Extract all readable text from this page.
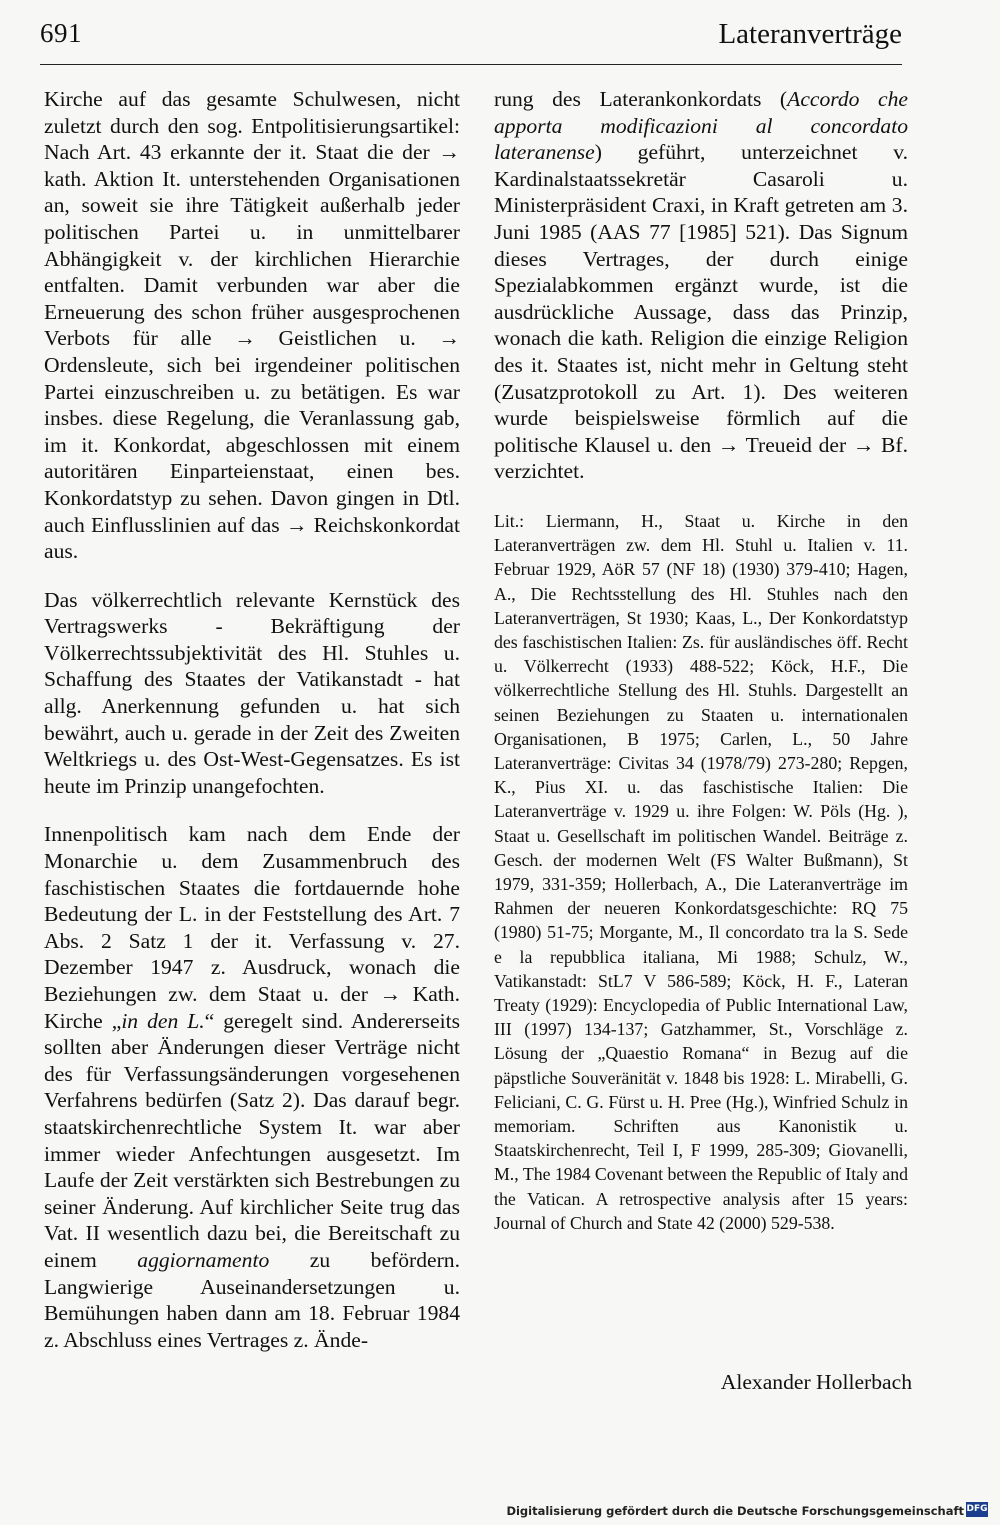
691	Lateranverträge

Kirche auf das gesamte Schulwesen, nicht zuletzt durch den sog. Entpolitisierungsartikel: Nach Art. 43 erkannte der it. Staat die der → kath. Aktion It. unterstehenden Organisationen an, soweit sie ihre Tätigkeit außerhalb jeder politischen Partei u. in unmittelbarer Abhängigkeit v. der kirchlichen Hierarchie entfalten. Damit verbunden war aber die Erneuerung des schon früher ausgesprochenen Verbots für alle → Geistlichen u. → Ordensleute, sich bei irgendeiner politischen Partei einzuschreiben u. zu betätigen. Es war insbes. diese Regelung, die Veranlassung gab, im it. Konkordat, abgeschlossen mit einem autoritären Einparteienstaat, einen bes. Konkordatstyp zu sehen. Davon gingen in Dtl. auch Einflusslinien auf das → Reichskonkordat aus.

Das völkerrechtlich relevante Kernstück des Vertragswerks - Bekräftigung der Völkerrechtssubjektivität des Hl. Stuhles u. Schaffung des Staates der Vatikanstadt - hat allg. Anerkennung gefunden u. hat sich bewährt, auch u. gerade in der Zeit des Zweiten Weltkriegs u. des Ost-West-Gegensatzes. Es ist heute im Prinzip unangefochten.

Innenpolitisch kam nach dem Ende der Monarchie u. dem Zusammenbruch des faschistischen Staates die fortdauernde hohe Bedeutung der L. in der Feststellung des Art. 7 Abs. 2 Satz 1 der it. Verfassung v. 27. Dezember 1947 z. Ausdruck, wonach die Beziehungen zw. dem Staat u. der → Kath. Kirche „in den L.“ geregelt sind. Andererseits sollten aber Änderungen dieser Verträge nicht des für Verfassungsänderungen vorgesehenen Verfahrens bedürfen (Satz 2). Das darauf begr. staatskirchenrechtliche System It. war aber immer wieder Anfechtungen ausgesetzt. Im Laufe der Zeit verstärkten sich Bestrebungen zu seiner Änderung. Auf kirchlicher Seite trug das Vat. II wesentlich dazu bei, die Bereitschaft zu einem aggiornamento zu befördern. Langwierige Auseinandersetzungen u. Bemühungen haben dann am 18. Februar 1984 z. Abschluss eines Vertrages z. Ände-

rung des Laterankonkordats (Accordo che apporta modificazioni al concordato lateranense) geführt, unterzeichnet v. Kardinalstaatssekretär Casaroli u. Ministerpräsident Craxi, in Kraft getreten am 3. Juni 1985 (AAS 77 [1985] 521). Das Signum dieses Vertrages, der durch einige Spezialabkommen ergänzt wurde, ist die ausdrückliche Aussage, dass das Prinzip, wonach die kath. Religion die einzige Religion des it. Staates ist, nicht mehr in Geltung steht (Zusatzprotokoll zu Art. 1). Des weiteren wurde beispielsweise förmlich auf die politische Klausel u. den → Treueid der → Bf. verzichtet.

Lit.: Liermann, H., Staat u. Kirche in den Lateranverträgen zw. dem Hl. Stuhl u. Italien v. 11. Februar 1929, AöR 57 (NF 18) (1930) 379-410; Hagen, A., Die Rechtsstellung des Hl. Stuhles nach den Lateranverträgen, St 1930; Kaas, L., Der Konkordatstyp des faschistischen Italien: Zs. für ausländisches öff. Recht u. Völkerrecht (1933) 488-522; Köck, H.F., Die völkerrechtliche Stellung des Hl. Stuhls. Dargestellt an seinen Beziehungen zu Staaten u. internationalen Organisationen, B 1975; Carlen, L., 50 Jahre Lateranverträge: Civitas 34 (1978/79) 273-280; Repgen, K., Pius XI. u. das faschistische Italien: Die Lateranverträge v. 1929 u. ihre Folgen: W. Pöls (Hg. ), Staat u. Gesellschaft im politischen Wandel. Beiträge z. Gesch. der modernen Welt (FS Walter Bußmann), St 1979, 331-359; Hollerbach, A., Die Lateranverträge im Rahmen der neueren Konkordatsgeschichte: RQ 75 (1980) 51-75; Morgante, M., Il concordato tra la S. Sede e la repubblica italiana, Mi 1988; Schulz, W., Vatikanstadt: StL7 V 586-589; Köck, H. F., Lateran Treaty (1929): Encyclopedia of Public International Law, III (1997) 134-137; Gatzhammer, St., Vorschläge z. Lösung der „Quaestio Romana“ in Bezug auf die päpstliche Souveränität v. 1848 bis 1928: L. Mirabelli, G. Feliciani, C. G. Fürst u. H. Pree (Hg.), Winfried Schulz in memoriam. Schriften aus Kanonistik u. Staatskirchenrecht, Teil I, F 1999, 285-309; Giovanelli, M., The 1984 Covenant between the Republic of Italy and the Vatican. A retrospective analysis after 15 years: Journal of Church and State 42 (2000) 529-538.

Alexander Hollerbach
Digitalisierung gefördert durch die Deutsche Forschungsgemeinschaft DFG
